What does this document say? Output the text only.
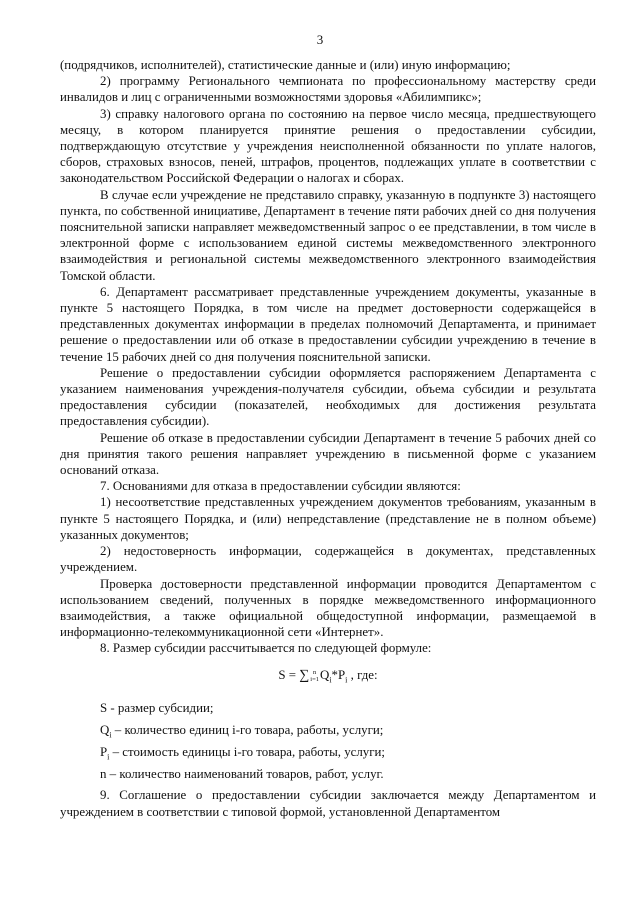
3

(подрядчиков, исполнителей), статистические данные и (или) иную информацию;

2) программу Регионального чемпионата по профессиональному мастерству среди инвалидов и лиц с ограниченными возможностями здоровья «Абилимпикс»;

3) справку налогового органа по состоянию на первое число месяца, предшествующего месяцу, в котором планируется принятие решения о предоставлении субсидии, подтверждающую отсутствие у учреждения неисполненной обязанности по уплате налогов, сборов, страховых взносов, пеней, штрафов, процентов, подлежащих уплате в соответствии с законодательством Российской Федерации о налогах и сборах.

В случае если учреждение не представило справку, указанную в подпункте 3) настоящего пункта, по собственной инициативе, Департамент в течение пяти рабочих дней со дня получения пояснительной записки направляет межведомственный запрос о ее представлении, в том числе в электронной форме с использованием единой системы межведомственного электронного взаимодействия и региональной системы межведомственного электронного взаимодействия Томской области.

6. Департамент рассматривает представленные учреждением документы, указанные в пункте 5 настоящего Порядка, в том числе на предмет достоверности содержащейся в представленных документах информации в пределах полномочий Департамента, и принимает решение о предоставлении или об отказе в предоставлении субсидии учреждению в течение в течение 15 рабочих дней со дня получения пояснительной записки.

Решение о предоставлении субсидии оформляется распоряжением Департамента с указанием наименования учреждения-получателя субсидии, объема субсидии и результата предоставления субсидии (показателей, необходимых для достижения результата предоставления субсидии).

Решение об отказе в предоставлении субсидии Департамент в течение 5 рабочих дней со дня принятия такого решения направляет учреждению в письменной форме с указанием оснований отказа.

7. Основаниями для отказа в предоставлении субсидии являются:

1) несоответствие представленных учреждением документов требованиям, указанным в пункте 5 настоящего Порядка, и (или) непредставление (представление не в полном объеме) указанных документов;

2) недостоверность информации, содержащейся в документах, представленных учреждением.

Проверка достоверности представленной информации проводится Департаментом с использованием сведений, полученных в порядке межведомственного информационного взаимодействия, а также официальной общедоступной информации, размещаемой в информационно-телекоммуникационной сети «Интернет».

8. Размер субсидии рассчитывается по следующей формуле:

S = ∑ n
$i=1Q_i*P_i$ , где:

S - размер субсидии;

$Q_i$ – количество единиц i-го товара, работы, услуги;

$P_i$ – стоимость единицы i-го товара, работы, услуги;

n – количество наименований товаров, работ, услуг.

9. Соглашение о предоставлении субсидии заключается между Департаментом и учреждением в соответствии с типовой формой, установленной Департаментом
